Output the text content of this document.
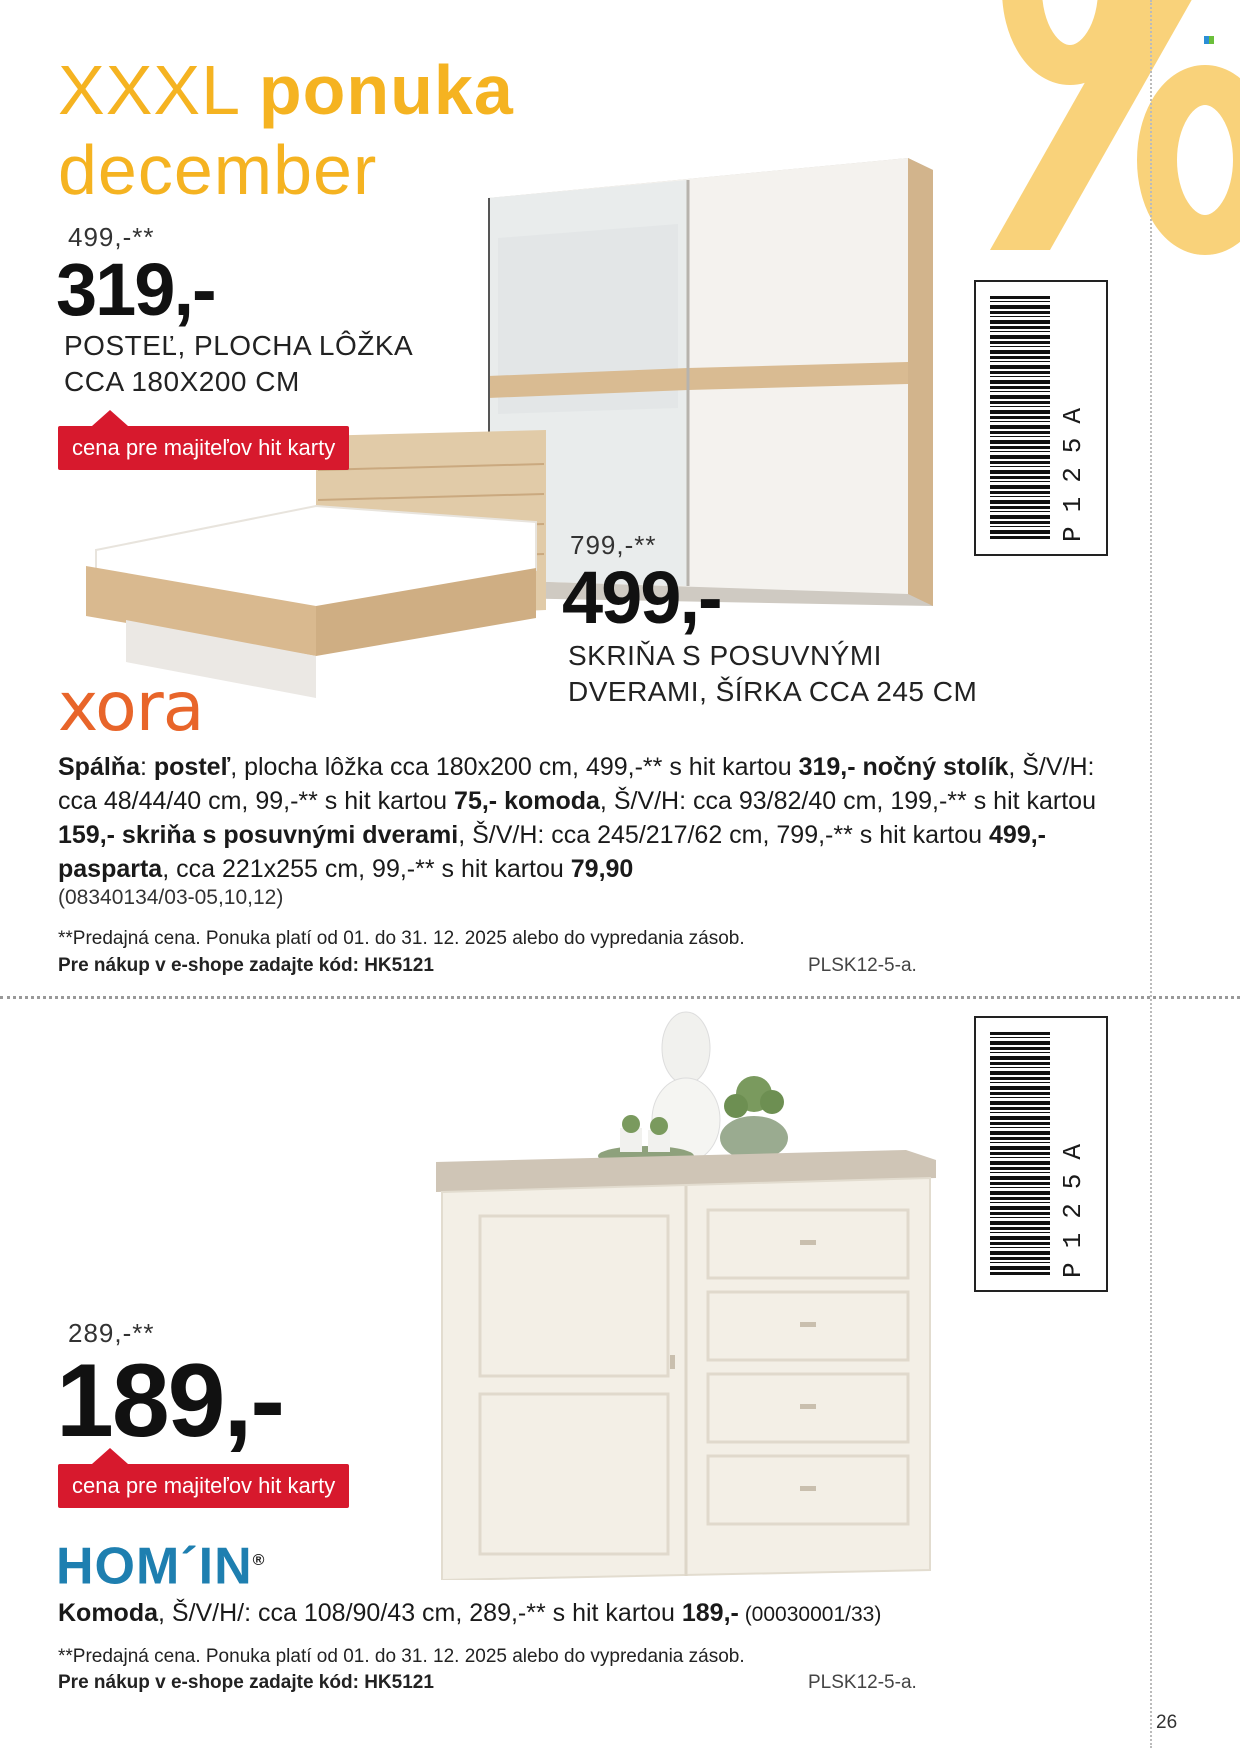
XXXL ponuka
december
499,-**
319,-
POSTEĽ, PLOCHA LÔŽKA
CCA 180X200 CM
cena pre majiteľov hit karty
xora
799,-**
499,-
SKRIŇA S POSUVNÝMI
DVERAMI, ŠÍRKA CCA 245 CM
P125A
Spálňa: posteľ, plocha lôžka cca 180x200 cm, 499,-** s hit kartou 319,- nočný stolík, Š/V/H: cca 48/44/40 cm, 99,-** s hit kartou 75,- komoda, Š/V/H: cca 93/82/40 cm, 199,-** s hit kartou 159,- skriňa s posuvnými dverami, Š/V/H: cca 245/217/62 cm, 799,-** s hit kartou 499,- pasparta, cca 221x255 cm, 99,-** s hit kartou 79,90
(08340134/03-05,10,12)
**Predajná cena. Ponuka platí od 01. do 31. 12. 2025 alebo do vypredania zásob.
Pre nákup v e-shope zadajte kód: HK5121	PLSK12-5-a.
P125A
289,-**
189,-
cena pre majiteľov hit karty
HOM´IN®
Komoda, Š/V/H/: cca 108/90/43 cm, 289,-** s hit kartou 189,- (00030001/33)
**Predajná cena. Ponuka platí od 01. do 31. 12. 2025 alebo do vypredania zásob.
Pre nákup v e-shope zadajte kód: HK5121	PLSK12-5-a.
26
